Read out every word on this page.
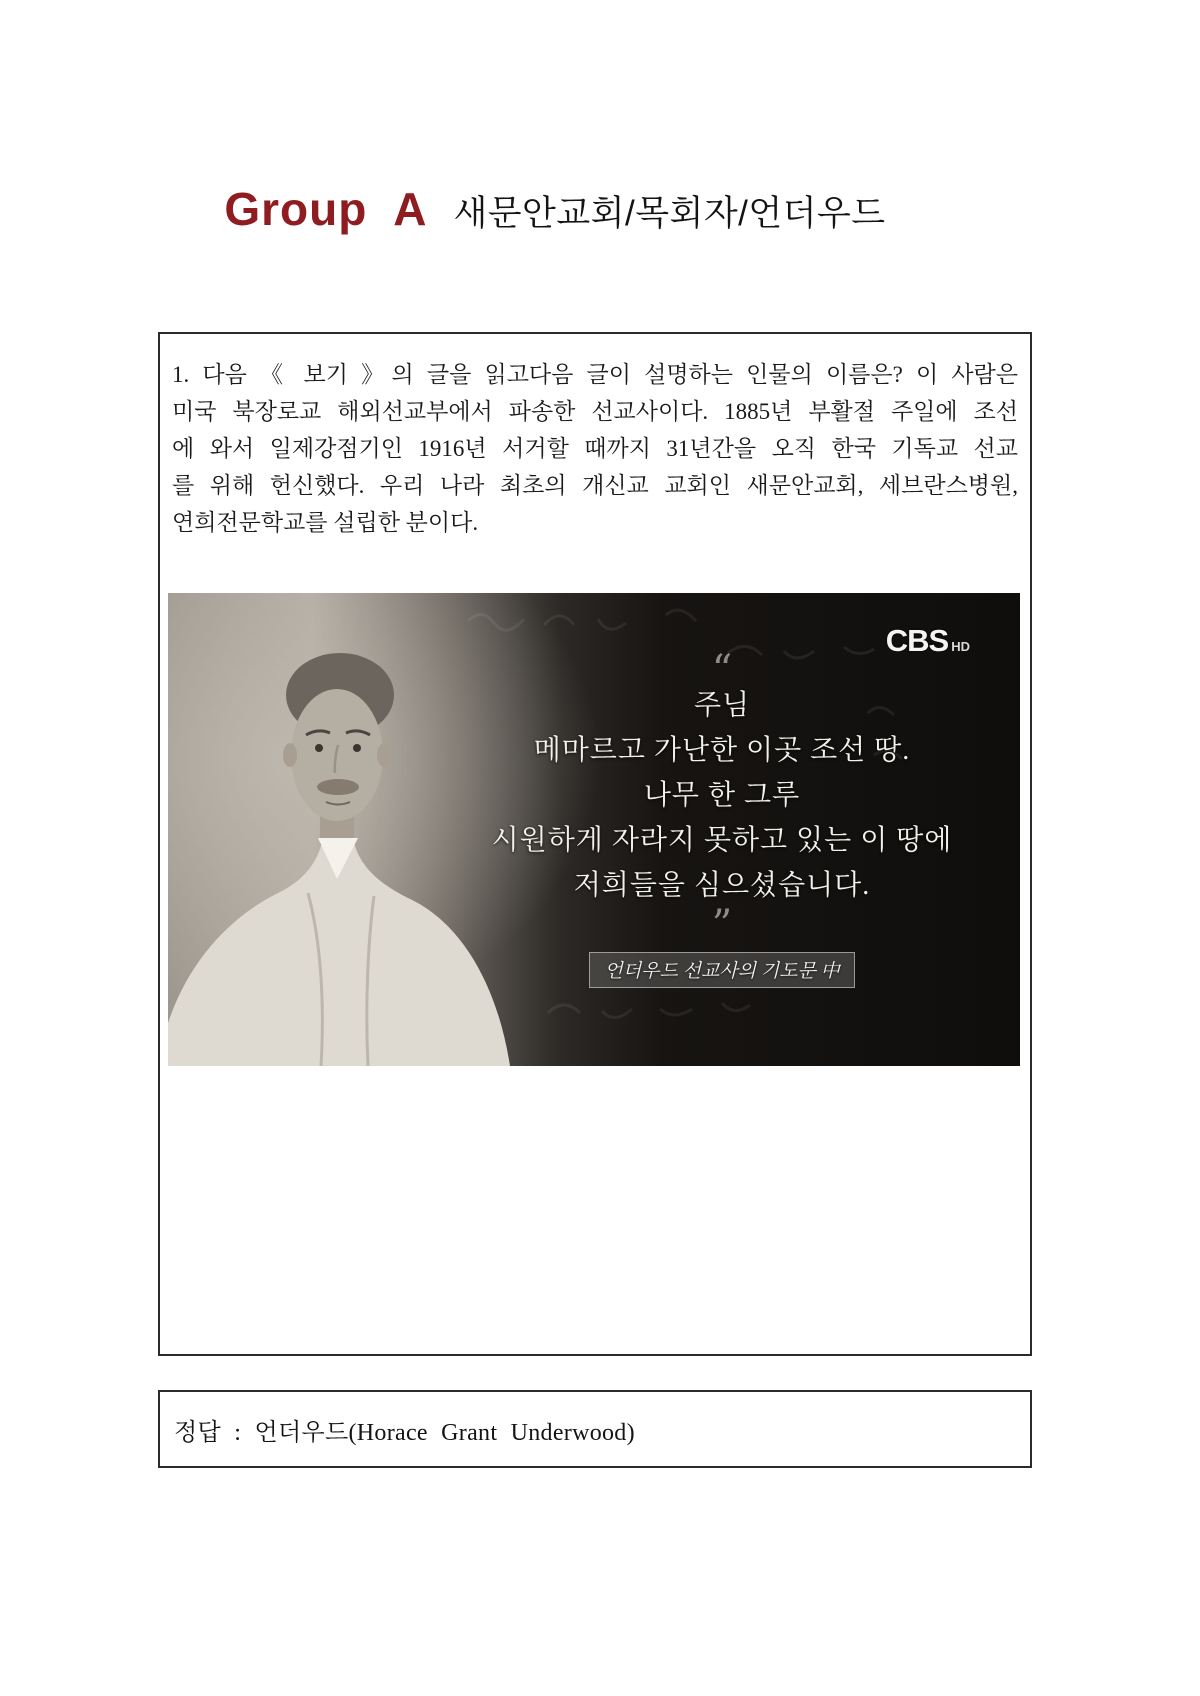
Group  A 새문안교회/목회자/언더우드
1. 다음 《 보기 》의 글을 읽고다음 글이 설명하는 인물의 이름은? 이 사람은
미국 북장로교 해외선교부에서 파송한 선교사이다. 1885년 부활절 주일에 조선
에 와서 일제강점기인 1916년 서거할 때까지 31년간을 오직 한국 기독교 선교
를 위해 헌신했다. 우리 나라 최초의 개신교 교회인 새문안교회, 세브란스병원,
연희전문학교를 설립한 분이다.
CBS HD
“
주님
메마르고 가난한 이곳 조선 땅.
나무 한 그루
시원하게 자라지 못하고 있는 이 땅에
저희들을 심으셨습니다.
”
언더우드 선교사의 기도문 中
정답 : 언더우드(Horace Grant Underwood)
